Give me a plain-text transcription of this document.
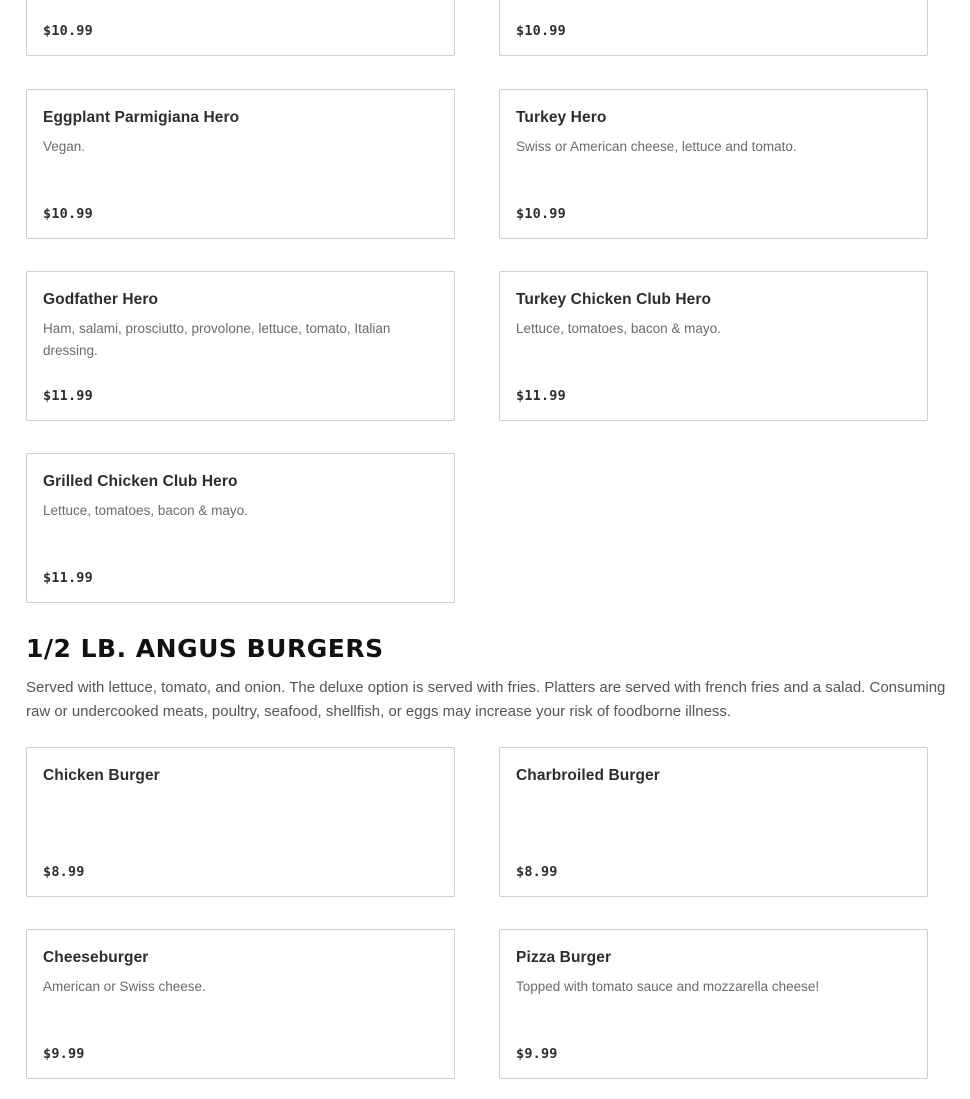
$10.99	$10.99
Eggplant Parmigiana Hero
Vegan.
$10.99
Turkey Hero
Swiss or American cheese, lettuce and tomato.
$10.99
Godfather Hero
Ham, salami, prosciutto, provolone, lettuce, tomato, Italian dressing.
$11.99
Turkey Chicken Club Hero
Lettuce, tomatoes, bacon & mayo.
$11.99
Grilled Chicken Club Hero
Lettuce, tomatoes, bacon & mayo.
$11.99
1/2 LB. ANGUS BURGERS

Served with lettuce, tomato, and onion. The deluxe option is served with fries. Platters are served with french fries and a salad. Consuming raw or undercooked meats, poultry, seafood, shellfish, or eggs may increase your risk of foodborne illness.

Chicken Burger
$8.99
Charbroiled Burger
$8.99
Cheeseburger
American or Swiss cheese.
$9.99
Pizza Burger
Topped with tomato sauce and mozzarella cheese!
$9.99
